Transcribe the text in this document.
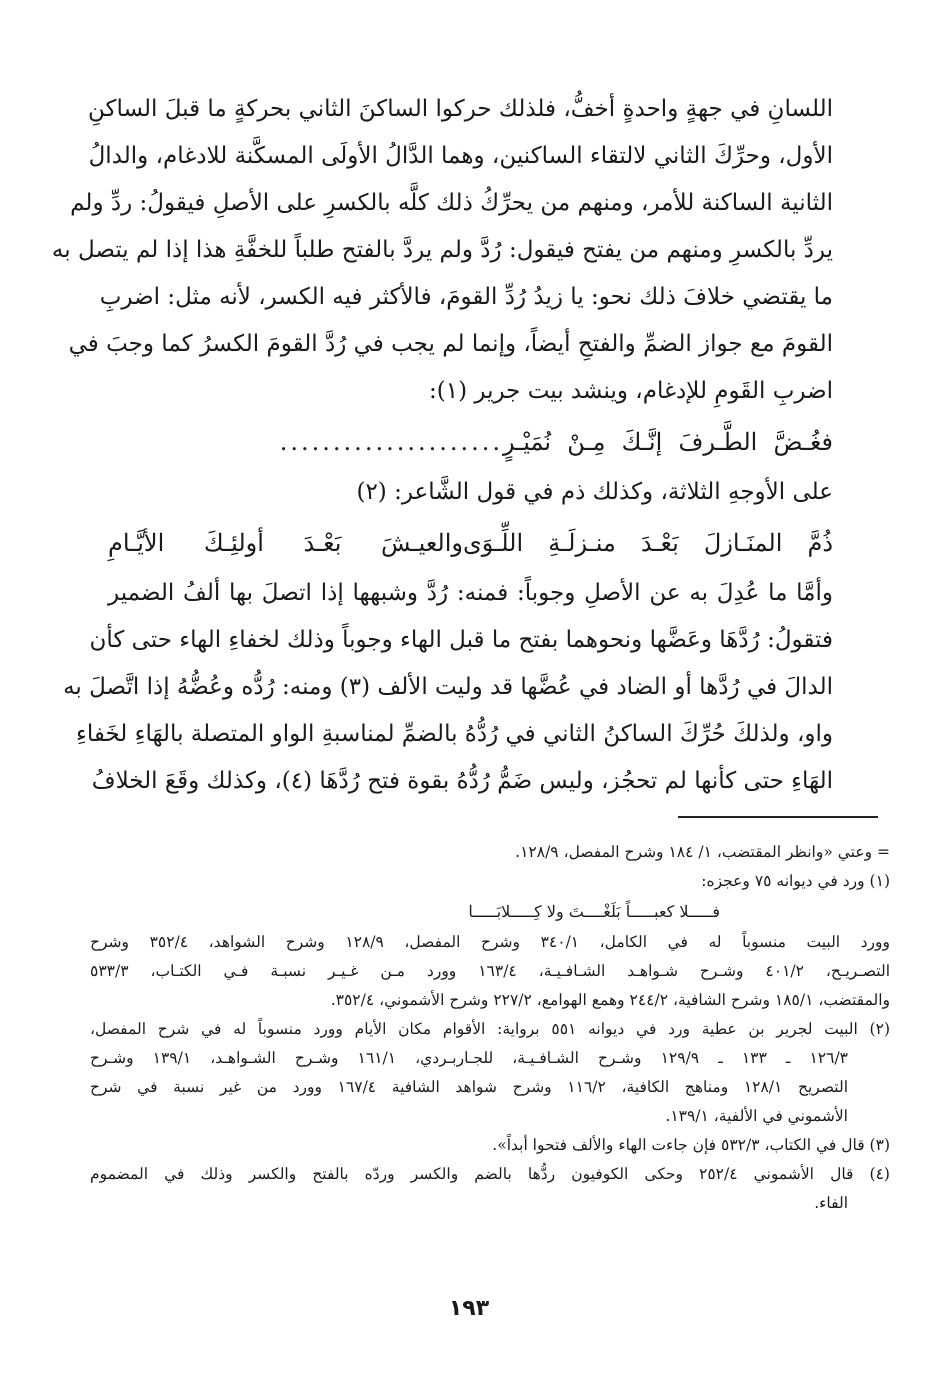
اللسانِ في جهةٍ واحدةٍ أخفُّ، فلذلك حركوا الساكنَ الثاني بحركةٍ ما قبلَ الساكنِ
الأول، وحرِّكَ الثاني لالتقاء الساكنين، وهما الدَّالُ الأولَى المسكَّنة للادغام، والدالُ
الثانية الساكنة للأمر، ومنهم من يحرِّكُ ذلك كلَّه بالكسرِ على الأصلِ فيقولُ: ردِّ ولم
يردِّ بالكسرِ ومنهم من يفتح فيقول: رُدَّ ولم يردَّ بالفتح طلباً للخفَّةِ هذا إذا لم يتصل به
ما يقتضي خلافَ ذلك نحو: يا زيدُ رُدِّ القومَ، فالأكثر فيه الكسر، لأنه مثل: اضربِ
القومَ مع جواز الضمِّ والفتحِ أيضاً، وإنما لم يجب في رُدَّ القومَ الكسرُ كما وجبَ في
اضربِ القَومِ للإدغام، وينشد بيت جرير (١):
فغُـضَّ الطَّـرفَ إنَّـكَ مِـنْ نُمَيْـرٍ
.....................
على الأوجهِ الثلاثة، وكذلك ذم في قول الشَّاعر: (٢)
ذُمَّ المنَـازلَ بَعْـدَ منـزلَـةِ اللِّـوَى
والعيـشَ بَعْـدَ أولئِـكَ الأيَّـامِ
وأمَّا ما عُدِلَ به عن الأصلِ وجوباً: فمنه: رُدَّ وشبهها إذا اتصلَ بها ألفُ الضمير
فتقولُ: رُدَّهَا وعَضَّها ونحوهما بفتح ما قبل الهاء وجوباً وذلك لخفاءِ الهاء حتى كأن
الدالَ في رُدَّها أو الضاد في عُضَّها قد وليت الألف (٣) ومنه: رُدُّه وعُضُّهُ إذا اتَّصلَ به
واو، ولذلكَ حُرِّكَ الساكنُ الثاني في رُدُّهُ بالضمِّ لمناسبةِ الواو المتصلة بالهَاءِ لخَفاءِ
الهَاءِ حتى كأنها لم تحجُز، وليس ضَمُّ رُدُّهُ بقوة فتح رُدَّهَا (٤)، وكذلك وقَعَ الخلافُ
= وعتي «وانظر المقتضب، ١/ ١٨٤ وشرح المفصل، ١٢٨/٩.
(١) ورد في ديوانه ٧٥ وعجزه:
فـــــلا كعبـــــاً بَلَغْــــتَ ولا كِـــــلابَـــــا
وورد البيت منسوباً له في الكامل، ٣٤٠/١ وشرح المفصل، ١٢٨/٩ وشرح الشواهد، ٣٥٢/٤ وشرح
التصـريـح، ٤٠١/٢ وشـرح شـواهـد الشـافـيـة، ١٦٣/٤ وورد مـن غـيـر نسبـة فـي الكتـاب، ٥٣٣/٣
والمقتضب، ١٨٥/١ وشرح الشافية، ٢٤٤/٢ وهمع الهوامع، ٢٢٧/٢ وشرح الأشموني، ٣٥٢/٤.
(٢) البيت لجرير بن عطية ورد في ديوانه ٥٥١ برواية: الأقوام مكان الأيام وورد منسوباً له في شرح المفصل،
١٢٦/٣ ـ ١٣٣ ـ ١٢٩/٩ وشـرح الشـافـيـة، للجـاربـردي، ١٦١/١ وشـرح الشـواهـد، ١٣٩/١ وشـرح
التصريح ١٢٨/١ ومناهج الكافية، ١١٦/٢ وشرح شواهد الشافية ١٦٧/٤ وورد من غير نسبة في شرح
الأشموني في الألفية، ١٣٩/١.
(٣) قال في الكتاب، ٥٣٢/٣ فإن جاءت الهاء والألف فتحوا أبداً».
(٤) قال الأشموني ٢٥٢/٤ وحكى الكوفيون ردُّها بالضم والكسر وردّه بالفتح والكسر وذلك في المضموم
الفاء.
١٩٣
